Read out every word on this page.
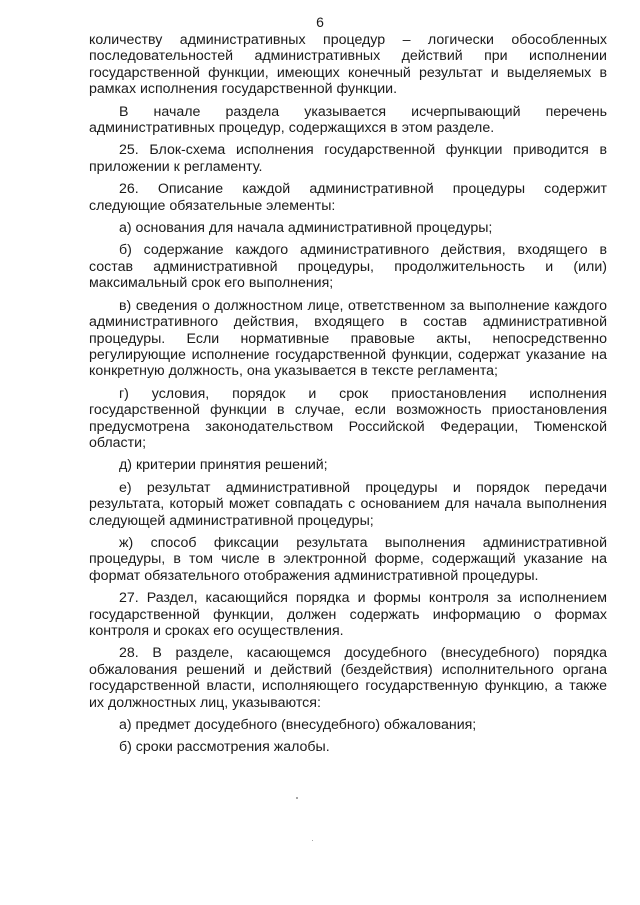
6

количеству административных процедур – логически обособленных последовательностей административных действий при исполнении государственной функции, имеющих конечный результат и выделяемых в рамках исполнения государственной функции.

В начале раздела указывается исчерпывающий перечень административных процедур, содержащихся в этом разделе.

25. Блок-схема исполнения государственной функции приводится в приложении к регламенту.

26. Описание каждой административной процедуры содержит следующие обязательные элементы:

а) основания для начала административной процедуры;

б) содержание каждого административного действия, входящего в состав административной процедуры, продолжительность и (или) максимальный срок его выполнения;

в) сведения о должностном лице, ответственном за выполнение каждого административного действия, входящего в состав административной процедуры. Если нормативные правовые акты, непосредственно регулирующие исполнение государственной функции, содержат указание на конкретную должность, она указывается в тексте регламента;

г) условия, порядок и срок приостановления исполнения государственной функции в случае, если возможность приостановления предусмотрена законодательством Российской Федерации, Тюменской области;

д) критерии принятия решений;

е) результат административной процедуры и порядок передачи результата, который может совпадать с основанием для начала выполнения следующей административной процедуры;

ж) способ фиксации результата выполнения административной процедуры, в том числе в электронной форме, содержащий указание на формат обязательного отображения административной процедуры.

27. Раздел, касающийся порядка и формы контроля за исполнением государственной функции, должен содержать информацию о формах контроля и сроках его осуществления.

28. В разделе, касающемся досудебного (внесудебного) порядка обжалования решений и действий (бездействия) исполнительного органа государственной власти, исполняющего государственную функцию, а также их должностных лиц, указываются:

а) предмет досудебного (внесудебного) обжалования;

б) сроки рассмотрения жалобы.
